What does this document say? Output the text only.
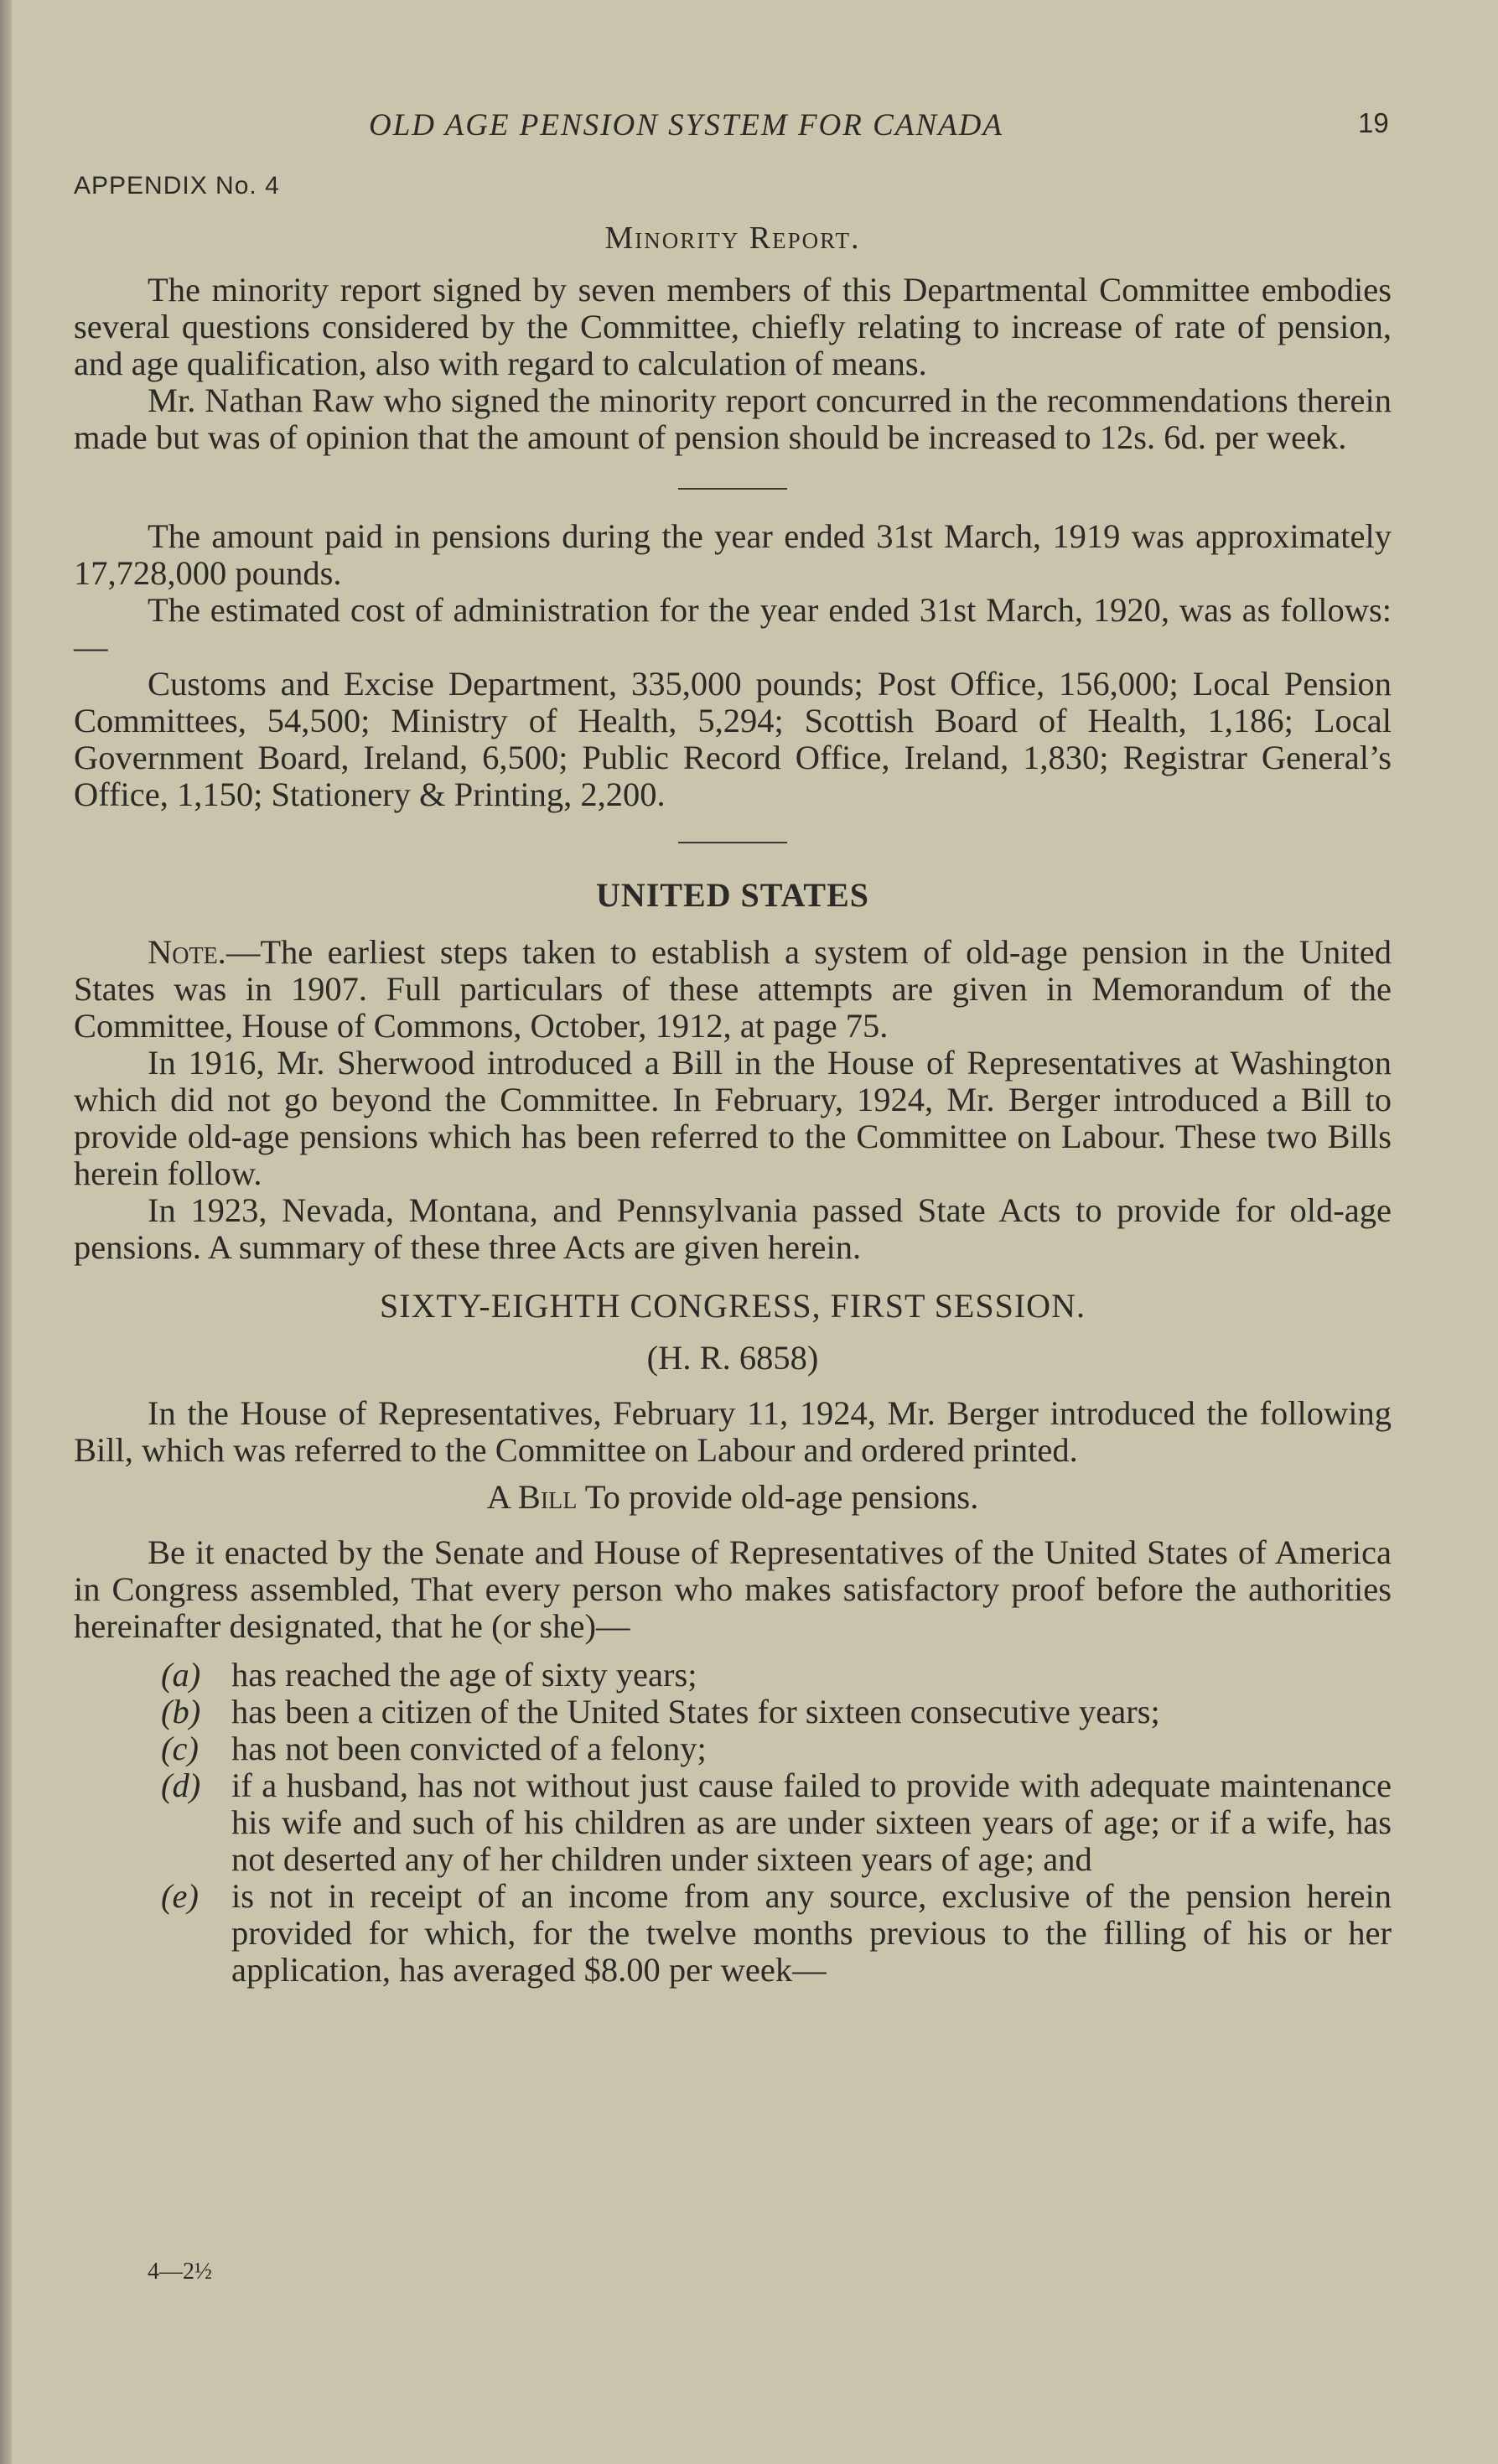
OLD AGE PENSION SYSTEM FOR CANADA	19
APPENDIX No. 4
Minority Report.

The minority report signed by seven members of this Departmental Committee embodies several questions considered by the Committee, chiefly relating to increase of rate of pension, and age qualification, also with regard to calculation of means.

Mr. Nathan Raw who signed the minority report concurred in the recommendations therein made but was of opinion that the amount of pension should be increased to 12s. 6d. per week.

The amount paid in pensions during the year ended 31st March, 1919 was approximately 17,728,000 pounds.

The estimated cost of administration for the year ended 31st March, 1920, was as follows:—

Customs and Excise Department, 335,000 pounds; Post Office, 156,000; Local Pension Committees, 54,500; Ministry of Health, 5,294; Scottish Board of Health, 1,186; Local Government Board, Ireland, 6,500; Public Record Office, Ireland, 1,830; Registrar General’s Office, 1,150; Stationery & Printing, 2,200.

UNITED STATES

Note.—The earliest steps taken to establish a system of old-age pension in the United States was in 1907. Full particulars of these attempts are given in Memorandum of the Committee, House of Commons, October, 1912, at page 75.

In 1916, Mr. Sherwood introduced a Bill in the House of Representatives at Washington which did not go beyond the Committee. In February, 1924, Mr. Berger introduced a Bill to provide old-age pensions which has been referred to the Committee on Labour. These two Bills herein follow.

In 1923, Nevada, Montana, and Pennsylvania passed State Acts to provide for old-age pensions. A summary of these three Acts are given herein.

SIXTY-EIGHTH CONGRESS, FIRST SESSION.
(H. R. 6858)

In the House of Representatives, February 11, 1924, Mr. Berger introduced the following Bill, which was referred to the Committee on Labour and ordered printed.

A Bill To provide old-age pensions.

Be it enacted by the Senate and House of Representatives of the United States of America in Congress assembled, That every person who makes satisfactory proof before the authorities hereinafter designated, that he (or she)—

(a) has reached the age of sixty years;
(b) has been a citizen of the United States for sixteen consecutive years;
(c) has not been convicted of a felony;
(d) if a husband, has not without just cause failed to provide with adequate maintenance his wife and such of his children as are under sixteen years of age; or if a wife, has not deserted any of her children under sixteen years of age; and
(e) is not in receipt of an income from any source, exclusive of the pension herein provided for which, for the twelve months previous to the filling of his or her application, has averaged $8.00 per week—
4—2½
